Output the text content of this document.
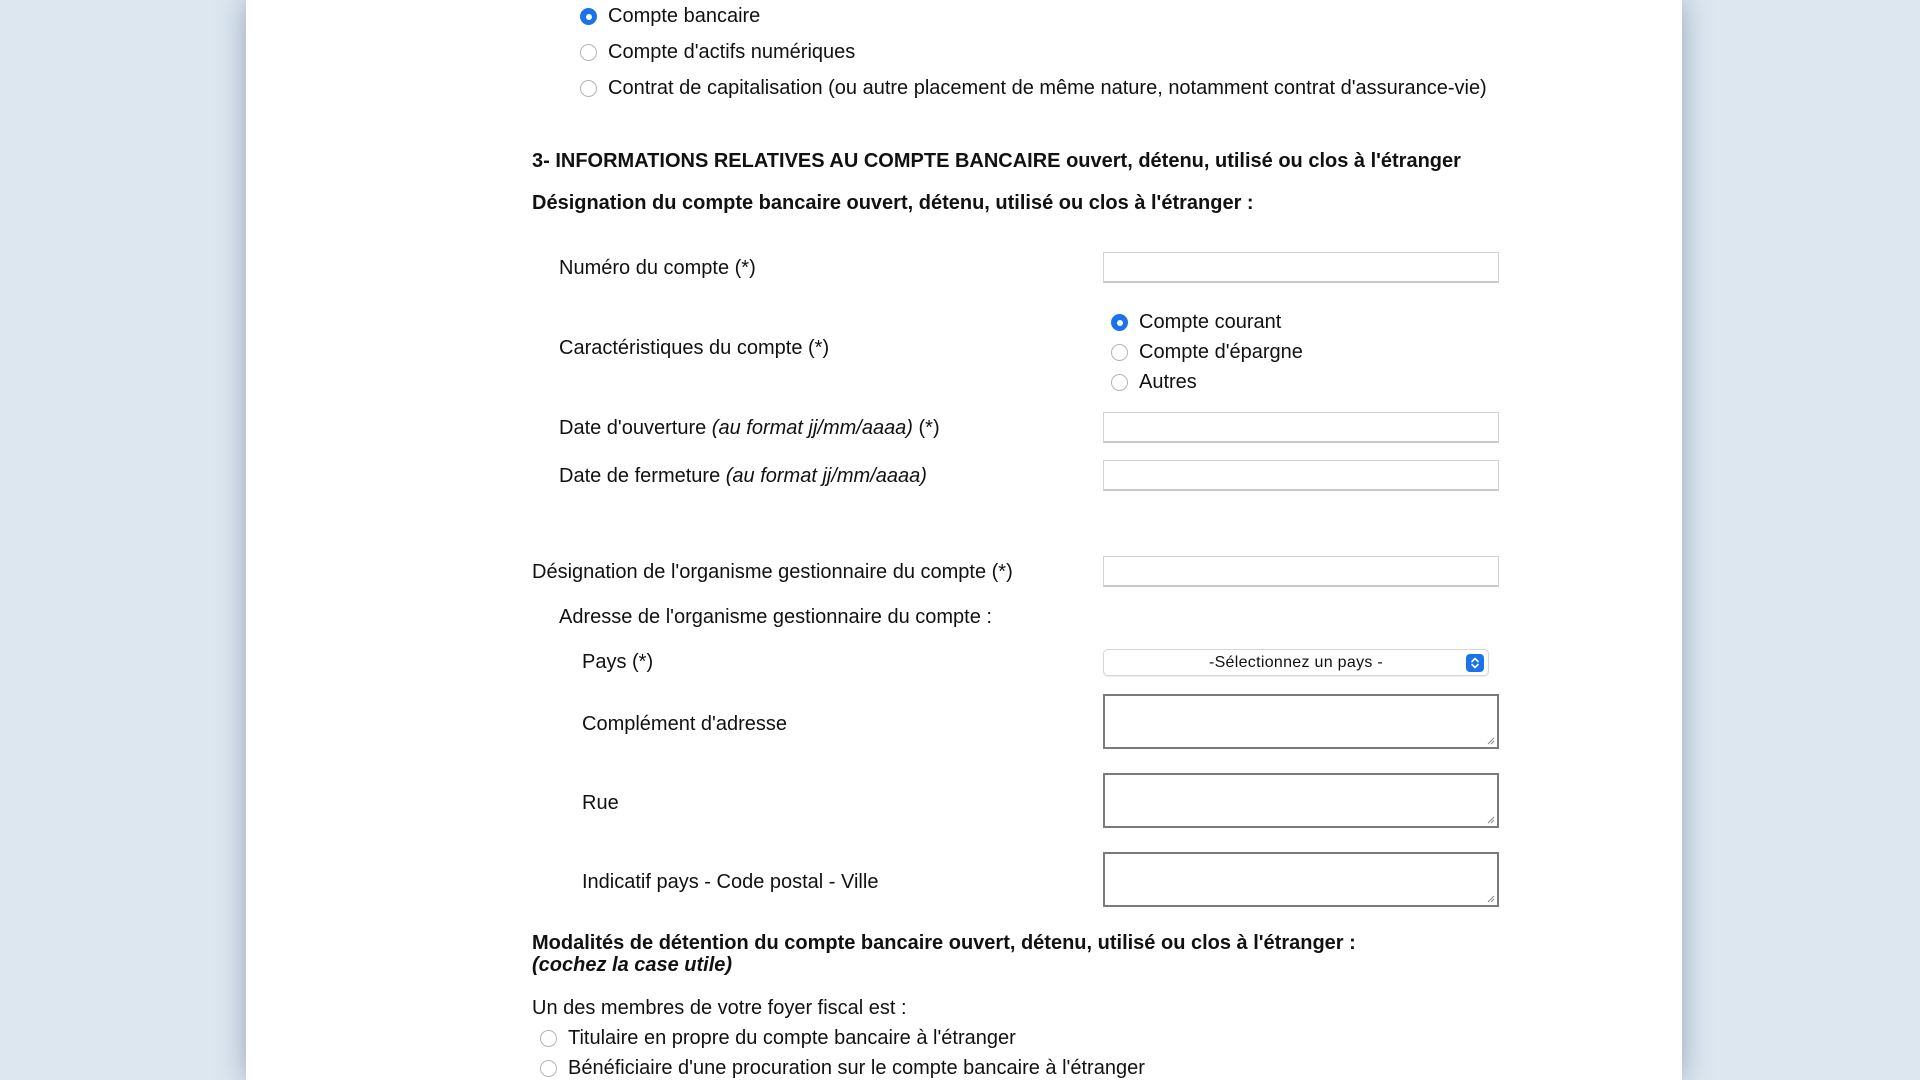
Compte bancaire
Compte d'actifs numériques
Contrat de capitalisation (ou autre placement de même nature, notamment contrat d'assurance-vie)
3- INFORMATIONS RELATIVES AU COMPTE BANCAIRE ouvert, détenu, utilisé ou clos à l'étranger
Désignation du compte bancaire ouvert, détenu, utilisé ou clos à l'étranger :
Numéro du compte (*)
Caractéristiques du compte (*)
Compte courant
Compte d'épargne
Autres
Date d'ouverture (au format jj/mm/aaaa) (*)
Date de fermeture (au format jj/mm/aaaa)
Désignation de l'organisme gestionnaire du compte (*)
Adresse de l'organisme gestionnaire du compte :
Pays (*)	-Sélectionnez un pays -
Complément d'adresse
Rue
Indicatif pays - Code postal - Ville
Modalités de détention du compte bancaire ouvert, détenu, utilisé ou clos à l'étranger :
(cochez la case utile)
Un des membres de votre foyer fiscal est :
Titulaire en propre du compte bancaire à l'étranger
Bénéficiaire d'une procuration sur le compte bancaire à l'étranger
